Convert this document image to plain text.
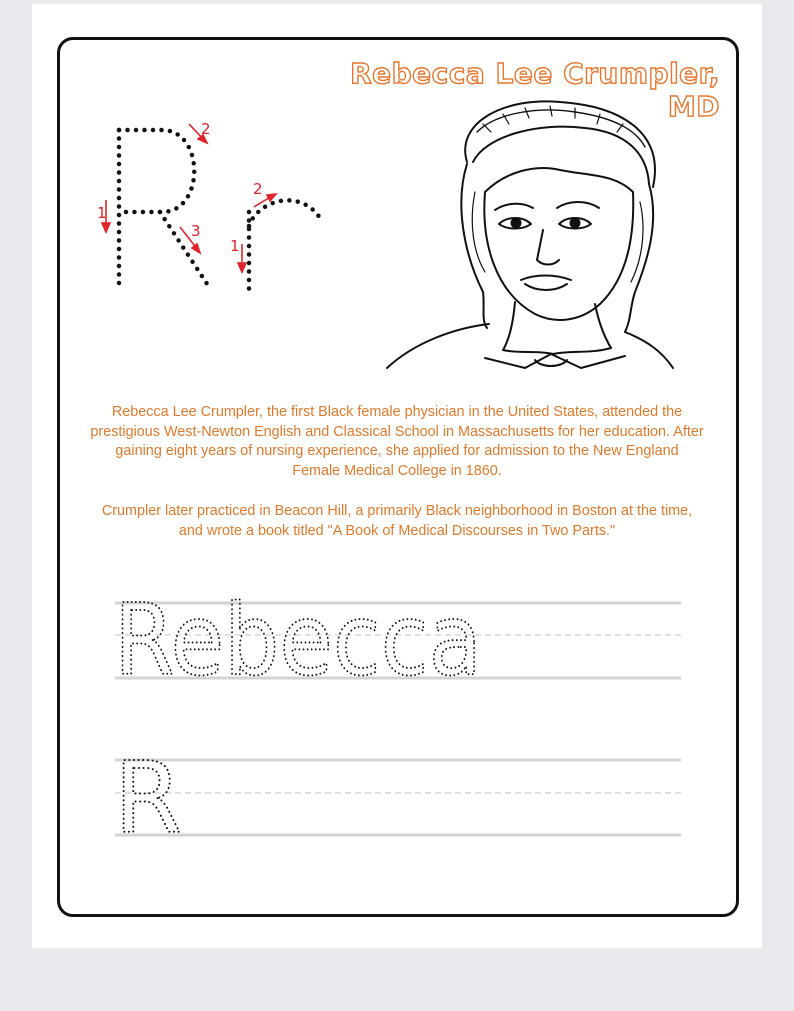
Rebecca Lee Crumpler, MD
2
1
3
2
1
Rebecca Lee Crumpler, the first Black female physician in the United States, attended the prestigious West-Newton English and Classical School in Massachusetts for her education. After gaining eight years of nursing experience, she applied for admission to the New England Female Medical College in 1860.
Crumpler later practiced in Beacon Hill, a primarily Black neighborhood in Boston at the time, and wrote a book titled "A Book of Medical Discourses in Two Parts."
Rebecca
R
